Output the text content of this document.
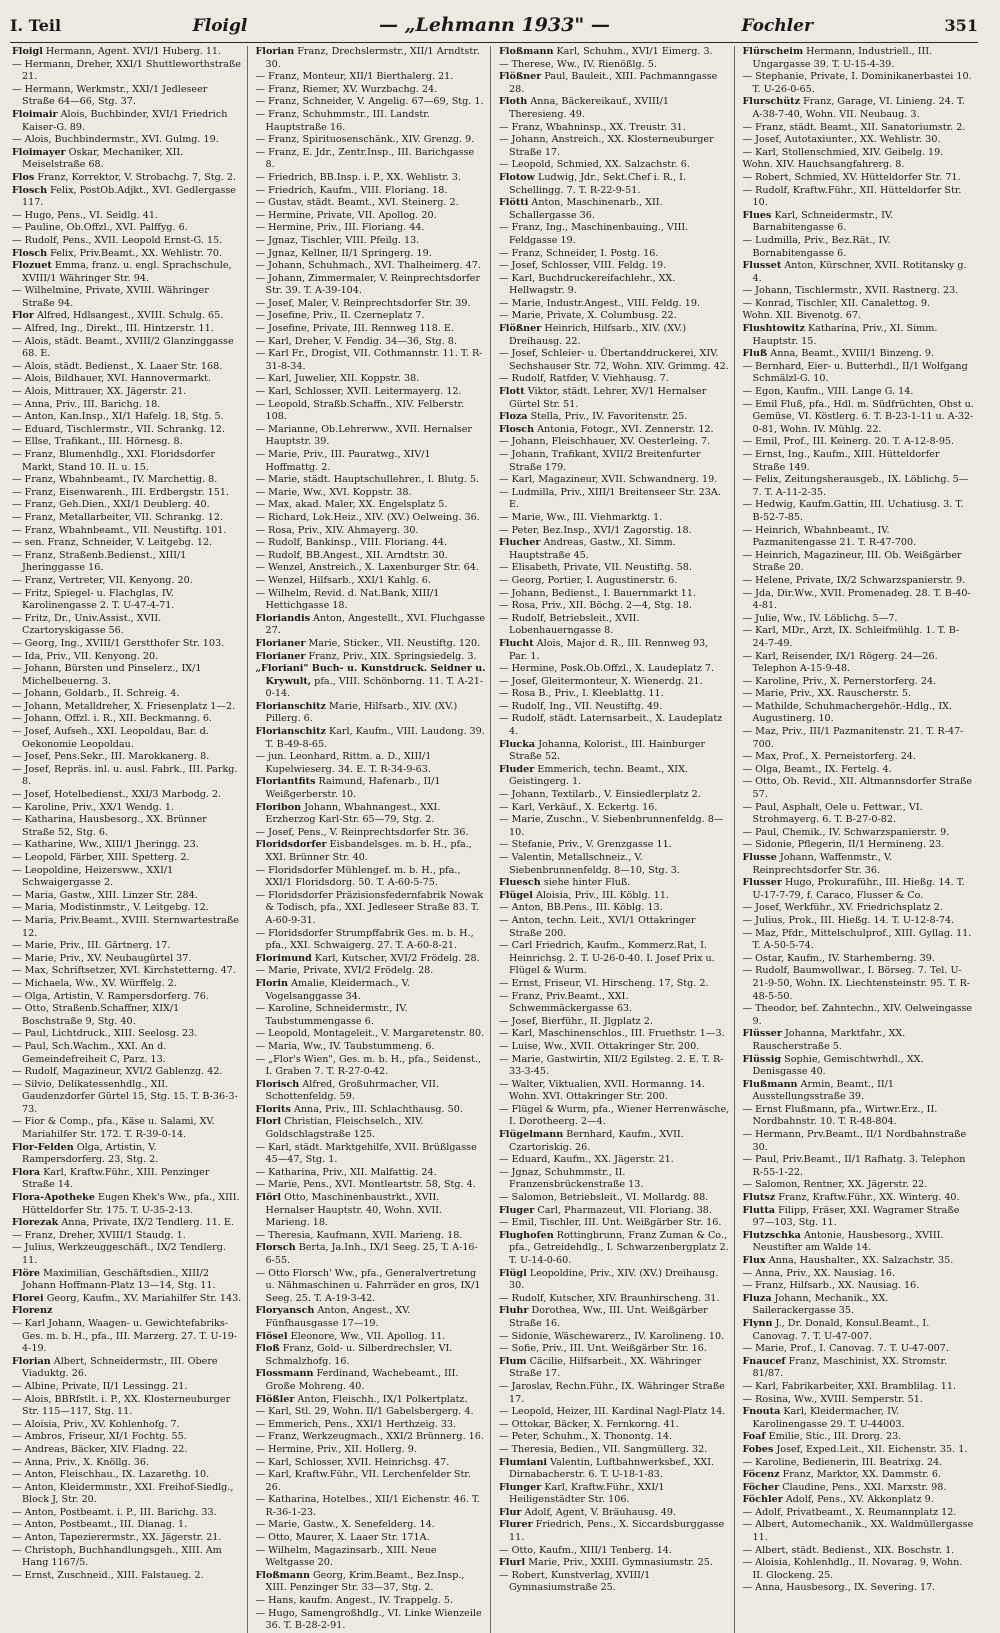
I. Teil	Floigl	— „Lehmann 1933" —	Fochler	351
Floigl Hermann, Agent. XVI/1 Huberg. 11.
— Hermann, Dreher, XXI/1 Shuttleworthstraße 21.
— Hermann, Werkmstr., XXI/1 Jedleseer Straße 64—66, Stg. 37.
Floimair Alois, Buchbinder, XVI/1 Friedrich Kaiser-G. 89.
— Alois, Buchbindermstr., XVI. Gulmg. 19.
Floimayer Oskar, Mechaniker, XII. Meiselstraße 68.
Flos Franz, Korrektor, V. Strobachg. 7, Stg. 2.
Flosch Felix, PostOb.Adjkt., XVI. Gedlergasse 117.
— Hugo, Pens., VI. Seidlg. 41.
— Pauline, Ob.Offzl., XVI. Palffyg. 6.
— Rudolf, Pens., XVII. Leopold Ernst-G. 15.
Flosch Felix, Priv.Beamt., XX. Wehlistr. 70.
Flozuet Emma, franz. u. engl. Sprachschule, XVIII/1 Währinger Str. 94.
— Wilhelmine, Private, XVIII. Währinger Straße 94.
Flor Alfred, Hdlsangest., XVIII. Schulg. 65.
— Alfred, Ing., Direkt., III. Hintzerstr. 11.
— Alois, städt. Beamt., XVIII/2 Glanzinggasse 68. E.
— Alois, städt. Bedienst., X. Laaer Str. 168.
— Alois, Bildhauer, XVI. Hannovermarkt.
— Alois, Mittrauer, XX. Jägerstr. 21.
— Anna, Priv., III. Barichg. 18.
— Anton, Kan.Insp., XI/1 Hafelg. 18, Stg. 5.
— Eduard, Tischlermstr., VII. Schrankg. 12.
— Ellse, Trafikant., III. Hörnesg. 8.
— Franz, Blumenhdlg., XXI. Floridsdorfer Markt, Stand 10. II. u. 15.
— Franz, Wbahnbeamt., IV. Marchettig. 8.
— Franz, Eisenwarenh., III. Erdbergstr. 151.
— Franz, Geh.Dien., XXI/1 Deublerg. 40.
— Franz, Metallarbeiter, VII. Schrankg. 12.
— Franz, Wbahnbeamt., VII. Neustiftg. 101.
— sen. Franz, Schneider, V. Leitgebg. 12.
— Franz, Straßenb.Bedienst., XIII/1 Jheringgasse 16.
— Franz, Vertreter, VII. Kenyong. 20.
— Fritz, Spiegel- u. Flachglas, IV. Karolinengasse 2. T. U-47-4-71.
— Fritz, Dr., Univ.Assist., XVII. Czartoryskigasse 56.
— Georg, Ing., XVIII/1 Gerstthofer Str. 103.
— Ida, Priv., VII. Kenyong. 20.
— Johann, Bürsten und Pinselerz., IX/1 Michelbeuerng. 3.
— Johann, Goldarb., II. Schreig. 4.
— Johann, Metalldreher, X. Friesenplatz 1—2.
— Johann, Offzl. i. R., XII. Beckmanng. 6.
— Josef, Aufseh., XXI. Leopoldau, Bar. d. Oekonomie Leopoldau.
— Josef, Pens.Sekr., III. Marokkanerg. 8.
— Josef, Repräs. inl. u. ausl. Fabrk., III. Parkg. 8.
— Josef, Hotelbedienst., XXI/3 Marbodg. 2.
— Karoline, Priv., XX/1 Wendg. 1.
— Katharina, Hausbesorg., XX. Brünner Straße 52, Stg. 6.
— Katharine, Ww., XIII/1 Jheringg. 23.
— Leopold, Färber, XIII. Spetterg. 2.
— Leopoldine, Heizersww., XXI/1 Schwaigergasse 2.
— Maria, Gastw., XIII. Linzer Str. 284.
— Maria, Modistinmstr., V. Leitgebg. 12.
— Maria, Priv.Beamt., XVIII. Sternwartestraße 12.
— Marie, Priv., III. Gärtnerg. 17.
— Marie, Priv., XV. Neubaugürtel 37.
— Max, Schriftsetzer, XVI. Kirchstetterng. 47.
— Michaela, Ww., XV. Würffelg. 2.
— Olga, Artistin, V. Rampersdorferg. 76.
— Otto, Straßenb.Schaffner, XIX/1 Boschstraße 9, Stg. 40.
— Paul, Lichtdruck., XIII. Seelosg. 23.
— Paul, Sch.Wachm., XXI. An d. Gemeindefreiheit C, Parz. 13.
— Rudolf, Magazineur, XVI/2 Gablenzg. 42.
— Silvio, Delikatessenhdlg., XII. Gaudenzdorfer Gürtel 15, Stg. 15. T. B-36-3-73.
— Fior & Comp., pfa., Käse u. Salami, XV. Mariahilfer Str. 172. T. R-39-0-14.
Flor-Felden Olga, Artistin, V. Rampersdorferg. 23, Stg. 2.
Flora Karl, Kraftw.Führ., XIII. Penzinger Straße 14.
Flora-Apotheke Eugen Khek's Ww., pfa., XIII. Hütteldorfer Str. 175. T. U-35-2-13.
Florezak Anna, Private, IX/2 Tendlerg. 11. E.
— Franz, Dreher, XVIII/1 Staudg. 1.
— Julius, Werkzeuggeschäft., IX/2 Tendlerg. 11.
Flöre Maximilian, Geschäftsdien., XIII/2 Johann Hoffmann-Platz 13—14, Stg. 11.
Florei Georg, Kaufm., XV. Mariahilfer Str. 143.
Florenz
— Karl Johann, Waagen- u. Gewichtefabriks-Ges. m. b. H., pfa., III. Marzerg. 27. T. U-19-4-19.
Florian Albert, Schneidermstr., III. Obere Viaduktg. 26.
— Albine, Private, II/1 Lessingg. 21.
— Alois, BBRfstlt. i. P., XX. Klosterneuburger Str. 115—117, Stg. 11.
— Aloisia, Priv., XV. Kohlenhofg. 7.
— Ambros, Friseur, XI/1 Fochtg. 55.
— Andreas, Bäcker, XIV. Fladng. 22.
— Anna, Priv., X. Knöllg. 36.
— Anton, Fleischhau., IX. Lazarethg. 10.
— Anton, Kleidermmstr., XXI. Freihof-Siedlg., Block J, Str. 20.
— Anton, Postbeamt. i. P., III. Barichg. 33.
— Anton, Postbeamt., III. Dianag. 1.
— Anton, Tapezierermstr., XX. Jägerstr. 21.
— Christoph, Buchhandlungsgeh., XIII. Am Hang 1167/5.
— Ernst, Zuschneid., XIII. Falstaueg. 2.
Florian Franz, Drechslermstr., XII/1 Arndtstr. 30.
— Franz, Monteur, XII/1 Bierthalerg. 21.
— Franz, Riemer, XV. Wurzbachg. 24.
— Franz, Schneider, V. Angelig. 67—69, Stg. 1.
— Franz, Schuhmmstr., III. Landstr. Hauptstraße 16.
— Franz, Spirituosenschänk., XIV. Grenzg. 9.
— Franz, E. Jdr., Zentr.Insp., III. Barichgasse 8.
— Friedrich, BB.Insp. i. P., XX. Wehlistr. 3.
— Friedrich, Kaufm., VIII. Floriang. 18.
— Gustav, städt. Beamt., XVI. Steinerg. 2.
— Hermine, Private, VII. Apollog. 20.
— Hermine, Priv., III. Floriang. 44.
— Jgnaz, Tischler, VIII. Pfeilg. 13.
— Jgnaz, Kellner, II/1 Springerg. 19.
— Johann, Schuhmach., XVI. Thalheimerg. 47.
— Johann, Zimmermaler, V. Reinprechtsdorfer Str. 39. T. A-39-104.
— Josef, Maler, V. Reinprechtsdorfer Str. 39.
— Josefine, Priv., II. Czerneplatz 7.
— Josefine, Private, III. Rennweg 118. E.
— Karl, Dreher, V. Fendig. 34—36, Stg. 8.
— Karl Fr., Drogist, VII. Cothmannstr. 11. T. R-31-8-34.
— Karl, Juwelier, XII. Koppstr. 38.
— Karl, Schlosser, XVII. Leitermayerg. 12.
— Leopold, Straßb.Schaffn., XIV. Felberstr. 108.
— Marianne, Ob.Lehrerww., XVII. Hernalser Hauptstr. 39.
— Marie, Priv., III. Pauratwg., XIV/1 Hoffmattg. 2.
— Marie, städt. Hauptschullehrer., I. Blutg. 5.
— Marie, Ww., XVI. Koppstr. 38.
— Max, akad. Maler, XX. Engelsplatz 5.
— Richard, Lok.Heiz., XIV. (XV.) Oelweing. 36.
— Rosa, Priv., XIV. Ahmayerg. 30.
— Rudolf, Bankinsp., VIII. Floriang. 44.
— Rudolf, BB.Angest., XII. Arndtstr. 30.
— Wenzel, Anstreich., X. Laxenburger Str. 64.
— Wenzel, Hilfsarb., XXI/1 Kahlg. 6.
— Wilhelm, Revid. d. Nat.Bank, XIII/1 Hettichgasse 18.
Floriandis Anton, Angestellt., XVI. Fluchgasse 27.
Florianer Marie, Sticker., VII. Neustiftg. 120.
Florianer Franz, Priv., XIX. Springsiedelg. 3.
„Floriani" Buch- u. Kunstdruck. Seidner u. Krywult, pfa., VIII. Schönborng. 11. T. A-21-0-14.
Florianschitz Marie, Hilfsarb., XIV. (XV.) Pillerg. 6.
Florianschitz Karl, Kaufm., VIII. Laudong. 39. T. B-49-8-65.
— jun. Leonhard, Rittm. a. D., XIII/1 Kupelwieserg. 34. E. T. R-34-9-63.
Floriantfits Raimund, Hafenarb., II/1 Weißgerberstr. 10.
Floribon Johann, Wbahnangest., XXI. Erzherzog Karl-Str. 65—79, Stg. 2.
— Josef, Pens., V. Reinprechtsdorfer Str. 36.
Floridsdorfer Eisbandelsges. m. b. H., pfa., XXI. Brünner Str. 40.
— Floridsdorfer Mühlengef. m. b. H., pfa., XXI/1 Floridsdorg. 50. T. A-60-5-75.
— Floridsdorfer Präzisionsfedernfabrik Nowak & Todisch, pfa., XXI. Jedleseer Straße 83. T. A-60-9-31.
— Floridsdorfer Strumpffabrik Ges. m. b. H., pfa., XXI. Schwaigerg. 27. T. A-60-8-21.
Florimund Karl, Kutscher, XVI/2 Frödelg. 28.
— Marie, Private, XVI/2 Frödelg. 28.
Florin Amalie, Kleidermach., V. Vogelsanggasse 34.
— Karoline, Schneidermstr., IV. Taubstummengasse 6.
— Leopold, Montageleit., V. Margaretenstr. 80.
— Maria, Ww., IV. Taubstummeng. 6.
— „Flor's Wien", Ges. m. b. H., pfa., Seidenst., I. Graben 7. T. R-27-0-42.
Florisch Alfred, Großuhrmacher, VII. Schottenfeldg. 59.
Florits Anna, Priv., III. Schlachthausg. 50.
Florl Christian, Fleischselch., XIV. Goldschlagstraße 125.
— Karl, städt. Marktgehilfe, XVII. Brüßlgasse 45—47, Stg. 1.
— Katharina, Priv., XII. Malfattig. 24.
— Marie, Pens., XVI. Montleartstr. 58, Stg. 4.
Flörl Otto, Maschinenbaustrkt., XVII. Hernalser Hauptstr. 40, Wohn. XVII. Marieng. 18.
— Theresia, Kaufmann, XVII. Marieng. 18.
Florsch Berta, Ja.Inh., IX/1 Seeg. 25, T. A-16-6-55.
— Otto Florsch' Ww., pfa., Generalvertretung u. Nähmaschinen u. Fahrräder en gros, IX/1 Seeg. 25. T. A-19-3-42.
Floryansch Anton, Angest., XV. Fünfhausgasse 17—19.
Flösel Eleonore, Ww., VII. Apollog. 11.
Floß Franz, Gold- u. Silberdrechsler, VI. Schmalzhofg. 16.
Flossmann Ferdinand, Wachebeamt., III. Große Mohreng. 40.
Flößler Anton, Fleischh., IX/1 Polkertplatz.
— Karl, Stl. 29, Wohn. II/1 Gabelsbergerg. 4.
— Emmerich, Pens., XXI/1 Herthzeig. 33.
— Franz, Werkzeugmach., XXI/2 Brünnerg. 16.
— Hermine, Priv., XII. Hollerg. 9.
— Karl, Schlosser, XVII. Heinrichsg. 47.
— Karl, Kraftw.Führ., VII. Lerchenfelder Str. 26.
— Katharina, Hotelbes., XII/1 Eichenstr. 46. T. R-36-1-23.
— Marie, Gastw., X. Senefelderg. 14.
— Otto, Maurer, X. Laaer Str. 171A.
— Wilhelm, Magazinsarb., XIII. Neue Weltgasse 20.
Floßmann Georg, Krim.Beamt., Bez.Insp., XIII. Penzinger Str. 33—37, Stg. 2.
— Hans, kaufm. Angest., IV. Trappelg. 5.
— Hugo, Samengroßhdlg., VI. Linke Wienzeile 36. T. B-28-2-91.
Floßmann Karl, Schuhm., XVI/1 Eimerg. 3.
— Therese, Ww., IV. Rienößlg. 5.
Flößner Paul, Bauleit., XIII. Pachmanngasse 28.
Floth Anna, Bäckereikauf., XVIII/1 Theresieng. 49.
— Franz, Wbahninsp., XX. Treustr. 31.
— Johann, Anstreich., XX. Klosterneuburger Straße 17.
— Leopold, Schmied, XX. Salzachstr. 6.
Flotow Ludwig, Jdr., Sekt.Chef i. R., I. Schellingg. 7. T. R-22-9-51.
Flötti Anton, Maschinenarb., XII. Schallergasse 36.
— Franz, Ing., Maschinenbauing., VIII. Feldgasse 19.
— Franz, Schneider, I. Postg. 16.
— Josef, Schlosser, VIII. Feldg. 19.
— Karl, Buchdruckereifachlehr., XX. Hellwagstr. 9.
— Marie, Industr.Angest., VIII. Feldg. 19.
— Marie, Private, X. Columbusg. 22.
Flößner Heinrich, Hilfsarb., XIV. (XV.) Dreihausg. 22.
— Josef, Schleier- u. Übertanddruckerei, XIV. Sechshauser Str. 72, Wohn. XIV. Grimmg. 42.
— Rudolf, Ratfder, V. Viehhausg. 7.
Flott Viktor, städt. Lehrer, XV/1 Hernalser Gürtel Str. 51.
Floza Stella, Priv., IV. Favoritenstr. 25.
Flosch Antonia, Fotogr., XVI. Zennerstr. 12.
— Johann, Fleischhauer, XV. Oesterleing. 7.
— Johann, Trafikant, XVII/2 Breitenfurter Straße 179.
— Karl, Magazineur, XVII. Schwandnerg. 19.
— Ludmilla, Priv., XIII/1 Breitenseer Str. 23A. E.
— Marie, Ww., III. Viehmarktg. 1.
— Peter, Bez.Insp., XVI/1 Zagorstig. 18.
Flucher Andreas, Gastw., XI. Simm. Hauptstraße 45.
— Elisabeth, Private, VII. Neustiftg. 58.
— Georg, Portier, I. Augustinerstr. 6.
— Johann, Bedienst., I. Bauernmarkt 11.
— Rosa, Priv., XII. Böchg. 2—4, Stg. 18.
— Rudolf, Betriebsleit., XVII. Lobenhauerngasse 8.
Flucht Alois, Major d. R., III. Rennweg 93, Par. 1.
— Hermine, Posk.Ob.Offzl., X. Laudeplatz 7.
— Josef, Gleitermonteur, X. Wienerdg. 21.
— Rosa B., Priv., I. Kleeblattg. 11.
— Rudolf, Ing., VII. Neustiftg. 49.
— Rudolf, städt. Laternsarbeit., X. Laudeplatz 4.
Flucka Johanna, Kolorist., III. Hainburger Straße 52.
Fluder Emmerich, techn. Beamt., XIX. Geistingerg. 1.
— Johann, Textilarb., V. Einsiedlerplatz 2.
— Karl, Verkäuf., X. Eckertg. 16.
— Marie, Zuschn., V. Siebenbrunnenfeldg. 8—10.
— Stefanie, Priv., V. Grenzgasse 11.
— Valentin, Metallschneiz., V. Siebenbrunnenfeldg. 8—10, Stg. 3.
Fluesch siehe hinter Fluß.
Flügel Aloisia, Priv., III. Köblg. 11.
— Anton, BB.Pens., III. Köblg. 13.
— Anton, techn. Leit., XVI/1 Ottakringer Straße 200.
— Carl Friedrich, Kaufm., Kommerz.Rat, I. Heinrichsg. 2. T. U-26-0-40. I. Josef Prix u. Flügel & Wurm.
— Ernst, Friseur, VI. Hirscheng. 17, Stg. 2.
— Franz, Priv.Beamt., XXI. Schwemmäckergasse 63.
— Josef, Bierführ., II. Jlgplatz 2.
— Karl, Maschinenschlos., III. Fruethstr. 1—3.
— Luise, Ww., XVII. Ottakringer Str. 200.
— Marie, Gastwirtin, XII/2 Egilsteg. 2. E. T. R-33-3-45.
— Walter, Viktualien, XVII. Hormanng. 14. Wohn. XVI. Ottakringer Str. 200.
— Flügel & Wurm, pfa., Wiener Herrenwäsche, I. Dorotheerg. 2—4.
Flügelmann Bernhard, Kaufm., XVII. Czartoriskig. 26.
— Eduard, Kaufm., XX. Jägerstr. 21.
— Jgnaz, Schuhmmstr., II. Franzensbrückenstraße 13.
— Salomon, Betriebsleit., VI. Mollardg. 88.
Fluger Carl, Pharmazeut, VII. Floriang. 38.
— Emil, Tischler, III. Unt. Weißgärber Str. 16.
Flughofen Rottingbrunn, Franz Zuman & Co., pfa., Getreidehdlg., I. Schwarzenbergplatz 2. T. U-14-0-60.
Flügl Leopoldine, Priv., XIV. (XV.) Dreihausg. 30.
— Rudolf, Kutscher, XIV. Braunhirscheng. 31.
Fluhr Dorothea, Ww., III. Unt. Weißgärber Straße 16.
— Sidonie, Wäschewarerz., IV. Karolineng. 10.
— Sofie, Priv., III. Unt. Weißgärber Str. 16.
Flum Cäcilie, Hilfsarbeit., XX. Währinger Straße 17.
— Jaroslav, Rechn.Führ., IX. Währinger Straße 17.
— Leopold, Heizer, III. Kardinal Nagl-Platz 14.
— Ottokar, Bäcker, X. Fernkorng. 41.
— Peter, Schuhm., X. Thonontg. 14.
— Theresia, Bedien., VII. Sangmüllerg. 32.
Flumiani Valentin, Luftbahnwerksbef., XXI. Dirnabacherstr. 6. T. U-18-1-83.
Flunger Karl, Kraftw.Führ., XXI/1 Heiligenstädter Str. 106.
Flur Adolf, Agent, V. Bräuhausg. 49.
Flurer Friedrich, Pens., X. Siccardsburggasse 11.
— Otto, Kaufm., XIII/1 Tenberg. 14.
Flurl Marie, Priv., XXIII. Gymnasiumstr. 25.
— Robert, Kunstverlag, XVIII/1 Gymnasiumstraße 25.
Flürscheim Hermann, Industriell., III. Ungargasse 39. T. U-15-4-39.
— Stephanie, Private, I. Dominikanerbastei 10. T. U-26-0-65.
Flurschütz Franz, Garage, VI. Linieng. 24. T. A-38-7-40, Wohn. VII. Neubaug. 3.
— Franz, städt. Beamt., XII. Sanatoriumstr. 2.
— Josef, Autotaxiunter., XX. Wehlistr. 30.
— Karl, Stollenschmied, XIV. Geibelg. 19.
Wohn. XIV. Hauchsangfahrerg. 8.
— Robert, Schmied, XV. Hütteldorfer Str. 71.
— Rudolf, Kraftw.Führ., XII. Hütteldorfer Str. 10.
Flues Karl, Schneidermstr., IV. Barnabitengasse 6.
— Ludmilla, Priv., Bez.Rät., IV. Bornabitengasse 6.
Flusset Anton, Kürschner, XVII. Rotitansky g. 4.
— Johann, Tischlermstr., XVII. Rastnerg. 23.
— Konrad, Tischler, XII. Canalettog. 9.
Wohn. XII. Bivenotg. 67.
Flushtowitz Katharina, Priv., XI. Simm. Hauptstr. 15.
Fluß Anna, Beamt., XVIII/1 Binzeng. 9.
— Bernhard, Eier- u. Butterhdl., II/1 Wolfgang Schmälzl-G. 10.
— Egon, Kaufm., VIII. Lange G. 14.
— Emil Fluß, pfa., Hdl. m. Südfrüchten, Obst u. Gemüse, VI. Köstlerg. 6. T. B-23-1-11 u. A-32-0-81, Wohn. IV. Mühlg. 22.
— Emil, Prof., III. Keinerg. 20. T. A-12-8-95.
— Ernst, Ing., Kaufm., XIII. Hütteldorfer Straße 149.
— Felix, Zeitungsherausgeb., IX. Löblichg. 5—7. T. A-11-2-35.
— Hedwig, Kaufm.Gattin, III. Uchatiusg. 3. T. B-52-7-85.
— Heinrich, Wbahnbeamt., IV. Pazmanitengasse 21. T. R-47-700.
— Heinrich, Magazineur, III. Ob. Weißgärber Straße 20.
— Helene, Private, IX/2 Schwarzspanierstr. 9.
— Jda, Dir.Ww., XVII. Promenadeg. 28. T. B-40-4-81.
— Julie, Ww., IV. Löblichg. 5—7.
— Karl, MDr., Arzt, IX. Schleifmühlg. 1. T. B-24-7-49.
— Karl, Reisender, IX/1 Rögerg. 24—26. Telephon A-15-9-48.
— Karoline, Priv., X. Pernerstorferg. 24.
— Marie, Priv., XX. Rauscherstr. 5.
— Mathilde, Schuhmachergehör.-Hdlg., IX. Augustinerg. 10.
— Maz, Priv., III/1 Pazmanitenstr. 21. T. R-47-700.
— Max, Prof., X. Perneistorferg. 24.
— Olga, Beamt., IX. Fertelg. 4.
— Otto, Ob. Revid., XII. Altmannsdorfer Straße 57.
— Paul, Asphalt, Oele u. Fettwar., VI. Strohmayerg. 6. T. B-27-0-82.
— Paul, Chemik., IV. Schwarzspanierstr. 9.
— Sidonie, Pflegerin, II/1 Hermineng. 23.
Flusse Johann, Waffenmstr., V. Reinprechtsdorfer Str. 36.
Flusser Hugo, Prokuraführ., III. Hießg. 14. T. U-17-7-79, f. Caraco, Flusser & Co.
— Josef, Werkführ., XV. Friedrichsplatz 2.
— Julius, Prok., III. Hießg. 14. T. U-12-8-74.
— Maz, Pfdr., Mittelschulprof., XIII. Gyllag. 11. T. A-50-5-74.
— Ostar, Kaufm., IV. Starhemberng. 39.
— Rudolf, Baumwollwar., I. Börseg. 7. Tel. U-21-9-50, Wohn. IX. Liechtensteinstr. 95. T. R-48-5-50.
— Theodor, bef. Zahntechn., XIV. Oelweingasse 9.
Flüsser Johanna, Marktfahr., XX. Rauscherstraße 5.
Flüssig Sophie, Gemischtwrhdl., XX. Denisgasse 40.
Flußmann Armin, Beamt., II/1 Ausstellungsstraße 39.
— Ernst Flußmann, pfa., Wirtwr.Erz., II. Nordbahnstr. 10. T. R-48-804.
— Hermann, Prv.Beamt., II/1 Nordbahnstraße 30.
— Paul, Priv.Beamt., II/1 Rafhatg. 3. Telephon R-55-1-22.
— Salomon, Rentner, XX. Jägerstr. 22.
Flutsz Franz, Kraftw.Führ., XX. Winterg. 40.
Flutta Filipp, Fräser, XXI. Wagramer Straße 97—103, Stg. 11.
Flutzschka Antonie, Hausbesorg., XVIII. Neustifter am Walde 14.
Flux Anna, Haushalter., XX. Salzachstr. 35.
— Anna, Priv., XX. Nausiag. 16.
— Franz, Hilfsarb., XX. Nausiag. 16.
Fluza Johann, Mechanik., XX. Sailerackergasse 35.
Flynn J., Dr. Donald, Konsul.Beamt., I. Canovag. 7. T. U-47-007.
— Marie, Prof., I. Canovag. 7. T. U-47-007.
Fnaucef Franz, Maschinist, XX. Stromstr. 81/87.
— Karl, Fabrikarbeiter, XXI. Bramblilag. 11.
— Rosina, Ww., XVIII. Semperstr. 51.
Fnouta Karl, Kleidermacher, IV. Karolinengasse 29. T. U-44003.
Foaf Emilie, Stic., III. Drorg. 23.
Fobes Josef, Exped.Leit., XII. Eichenstr. 35. 1.
— Karoline, Bedienerin, III. Beatrixg. 24.
Föcenz Franz, Marktor, XX. Dammstr. 6.
Föcher Claudine, Pens., XXI. Marxstr. 98.
Föchler Adolf, Pens., XV. Akkonplatz 9.
— Adolf, Privatbeamt., X. Reumannplatz 12.
— Albert, Automechanik., XX. Waldmüllergasse 11.
— Albert, städt. Bedienst., XIX. Boschstr. 1.
— Aloisia, Kohlenhdlg., II. Novarag. 9, Wohn. II. Glockeng. 25.
— Anna, Hausbesorg., IX. Severing. 17.
